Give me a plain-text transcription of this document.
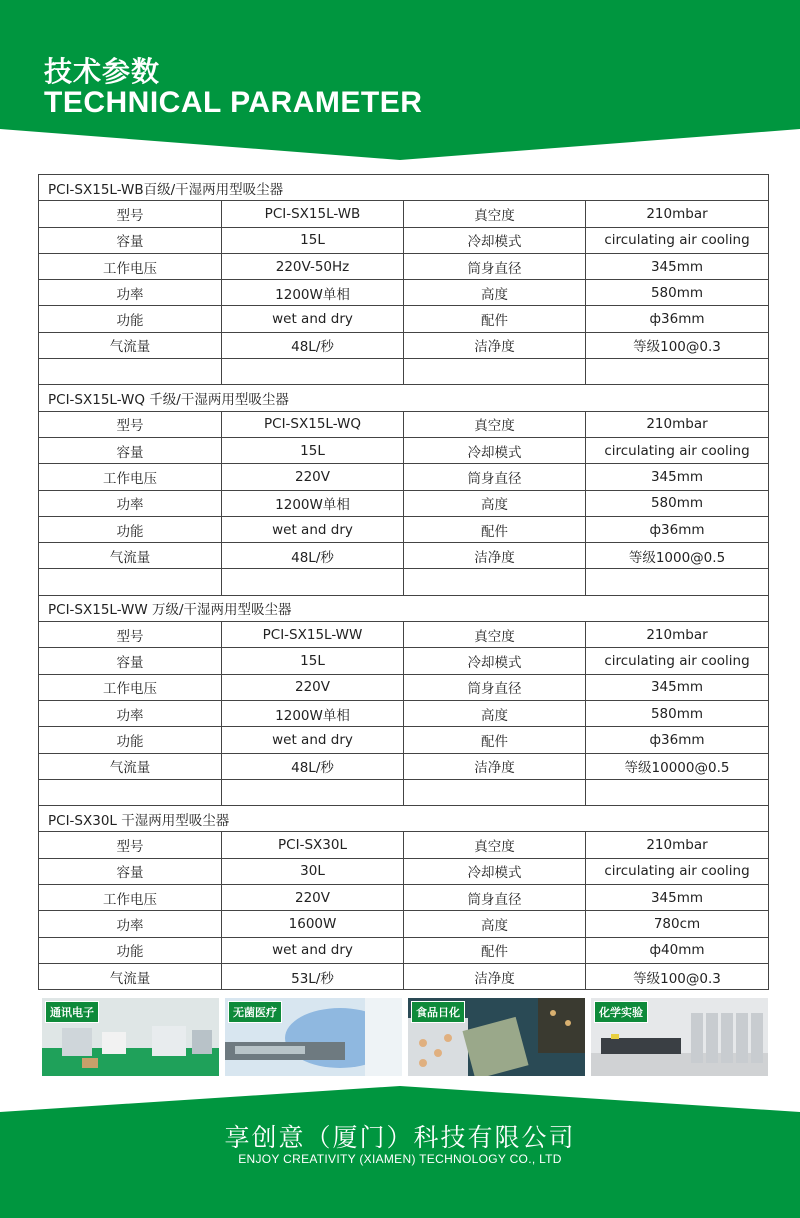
技术参数
TECHNICAL PARAMETER
PCI-SX15L-WB百级/干湿两用型吸尘器			
型号	PCI-SX15L-WB	真空度	210mbar
容量	15L	冷却模式	circulating air cooling
工作电压	220V-50Hz	筒身直径	345mm
功率	1200W单相	高度	580mm
功能	wet and dry	配件	ф36mm
气流量	48L/秒	洁净度	等级100@0.3

PCI-SX15L-WQ 千级/干湿两用型吸尘器			
型号	PCI-SX15L-WQ	真空度	210mbar
容量	15L	冷却模式	circulating air cooling
工作电压	220V	筒身直径	345mm
功率	1200W单相	高度	580mm
功能	wet and dry	配件	ф36mm
气流量	48L/秒	洁净度	等级1000@0.5

PCI-SX15L-WW 万级/干湿两用型吸尘器			
型号	PCI-SX15L-WW	真空度	210mbar
容量	15L	冷却模式	circulating air cooling
工作电压	220V	筒身直径	345mm
功率	1200W单相	高度	580mm
功能	wet and dry	配件	ф36mm
气流量	48L/秒	洁净度	等级10000@0.5

PCI-SX30L 干湿两用型吸尘器			
型号	PCI-SX30L	真空度	210mbar
容量	30L	冷却模式	circulating air cooling
工作电压	220V	筒身直径	345mm
功率	1600W	高度	780cm
功能	wet and dry	配件	ф40mm
气流量	53L/秒	洁净度	等级100@0.3
通讯电子	无菌医疗	食品日化	化学实验
享创意（厦门）科技有限公司
ENJOY CREATIVITY (XIAMEN) TECHNOLOGY CO., LTD
